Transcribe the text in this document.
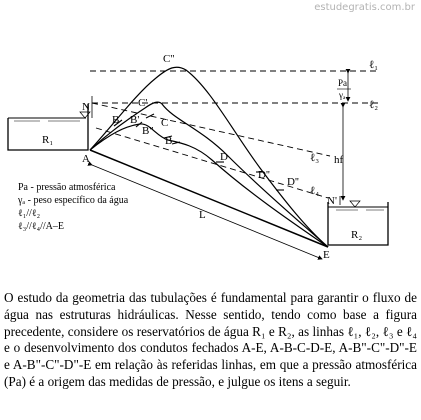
estudegratis.com.br
R₁
R₂
A
B B'
B''
C'
C
B
C''
D
D''
D''
E
N
N'
ℓ₁
ℓ₂
ℓ₃
ℓ₄
Pa
γₐ
hf
L
Pa - pressão atmosférica
γₐ - peso específico da água
ℓ₁//ℓ₂
ℓ₃//ℓ₄//A–E

O estudo da geometria das tubulações é fundamental para garantir o fluxo de água nas estruturas hidráulicas. Nesse sentido, tendo como base a figura precedente, considere os reservatórios de água R₁ e R₂, as linhas ℓ₁, ℓ₂, ℓ₃ e ℓ₄ e o desenvolvimento dos condutos fechados A-E, A-B-C-D-E, A-B"-C"-D"-E e A-B"-C"-D"-E em relação às referidas linhas, em que a pressão atmosférica (Pa) é a origem das medidas de pressão, e julgue os itens a seguir.
